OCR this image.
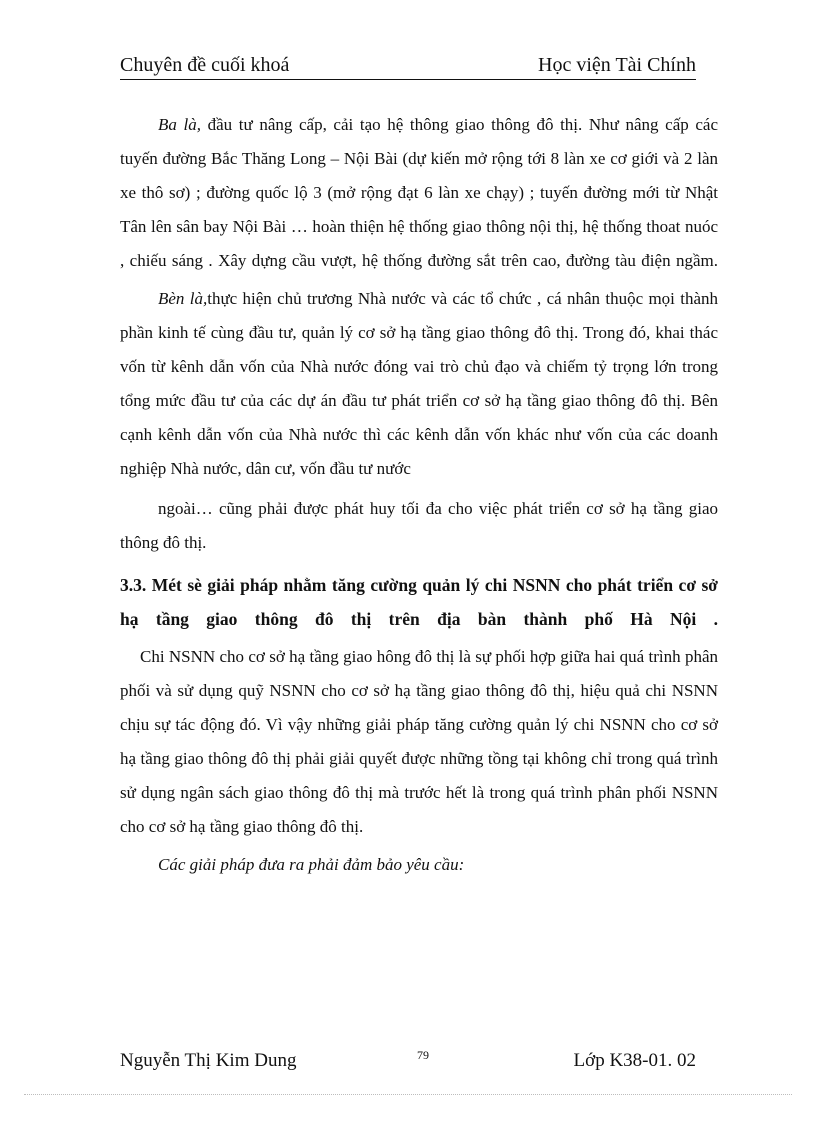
Chuyên đề cuối khoá	Học viện Tài Chính

Ba là, đầu tư nâng cấp, cải tạo hệ thông giao thông đô thị. Như nâng cấp các tuyến đường Bắc Thăng Long – Nội Bài (dự kiến mở rộng tới 8 làn xe cơ giới và 2 làn xe thô sơ) ; đường quốc lộ 3 (mở rộng đạt 6 làn xe chạy) ; tuyến đường mới từ Nhật Tân lên sân bay Nội Bài … hoàn thiện hệ thống giao thông nội thị, hệ thống thoat nuóc , chiếu sáng . Xây dựng cầu vượt, hệ thống đường sắt trên cao, đường tàu điện ngầm.

Bèn là,thực hiện chủ trương Nhà nước và các tổ chức , cá nhân thuộc mọi thành phần kinh tế cùng đầu tư, quản lý cơ sở hạ tầng giao thông đô thị. Trong đó, khai thác vốn từ kênh dẫn vốn của Nhà nước đóng vai trò chủ đạo và chiếm tỷ trọng lớn trong tổng mức đầu tư của các dự án đầu tư phát triển cơ sở hạ tầng giao thông đô thị. Bên cạnh kênh dẫn vốn của Nhà nước thì các kênh dẫn vốn khác như vốn của các doanh nghiệp Nhà nước, dân cư, vốn đầu tư nước

ngoài… cũng phải được phát huy tối đa cho việc phát triển cơ sở hạ tầng giao thông đô thị.

3.3. Mét sè giải pháp nhằm tăng cường quản lý chi NSNN cho phát triển cơ sở hạ tầng giao thông đô thị trên địa bàn thành phố Hà Nội .

Chi NSNN cho cơ sở hạ tầng giao hông đô thị là sự phối hợp giữa hai quá trình phân phối và sử dụng quỹ NSNN cho cơ sở hạ tầng giao thông đô thị, hiệu quả chi NSNN chịu sự tác động đó. Vì vậy những giải pháp tăng cường quản lý chi NSNN cho cơ sở hạ tầng giao thông đô thị phải giải quyết được những tồng tại không chỉ trong quá trình sử dụng ngân sách giao thông đô thị mà trước hết là trong quá trình phân phối NSNN cho cơ sở hạ tầng giao thông đô thị.

Các giải pháp đưa ra phải đảm bảo yêu cầu:

Nguyễn Thị Kim Dung	79	Lớp K38-01. 02
